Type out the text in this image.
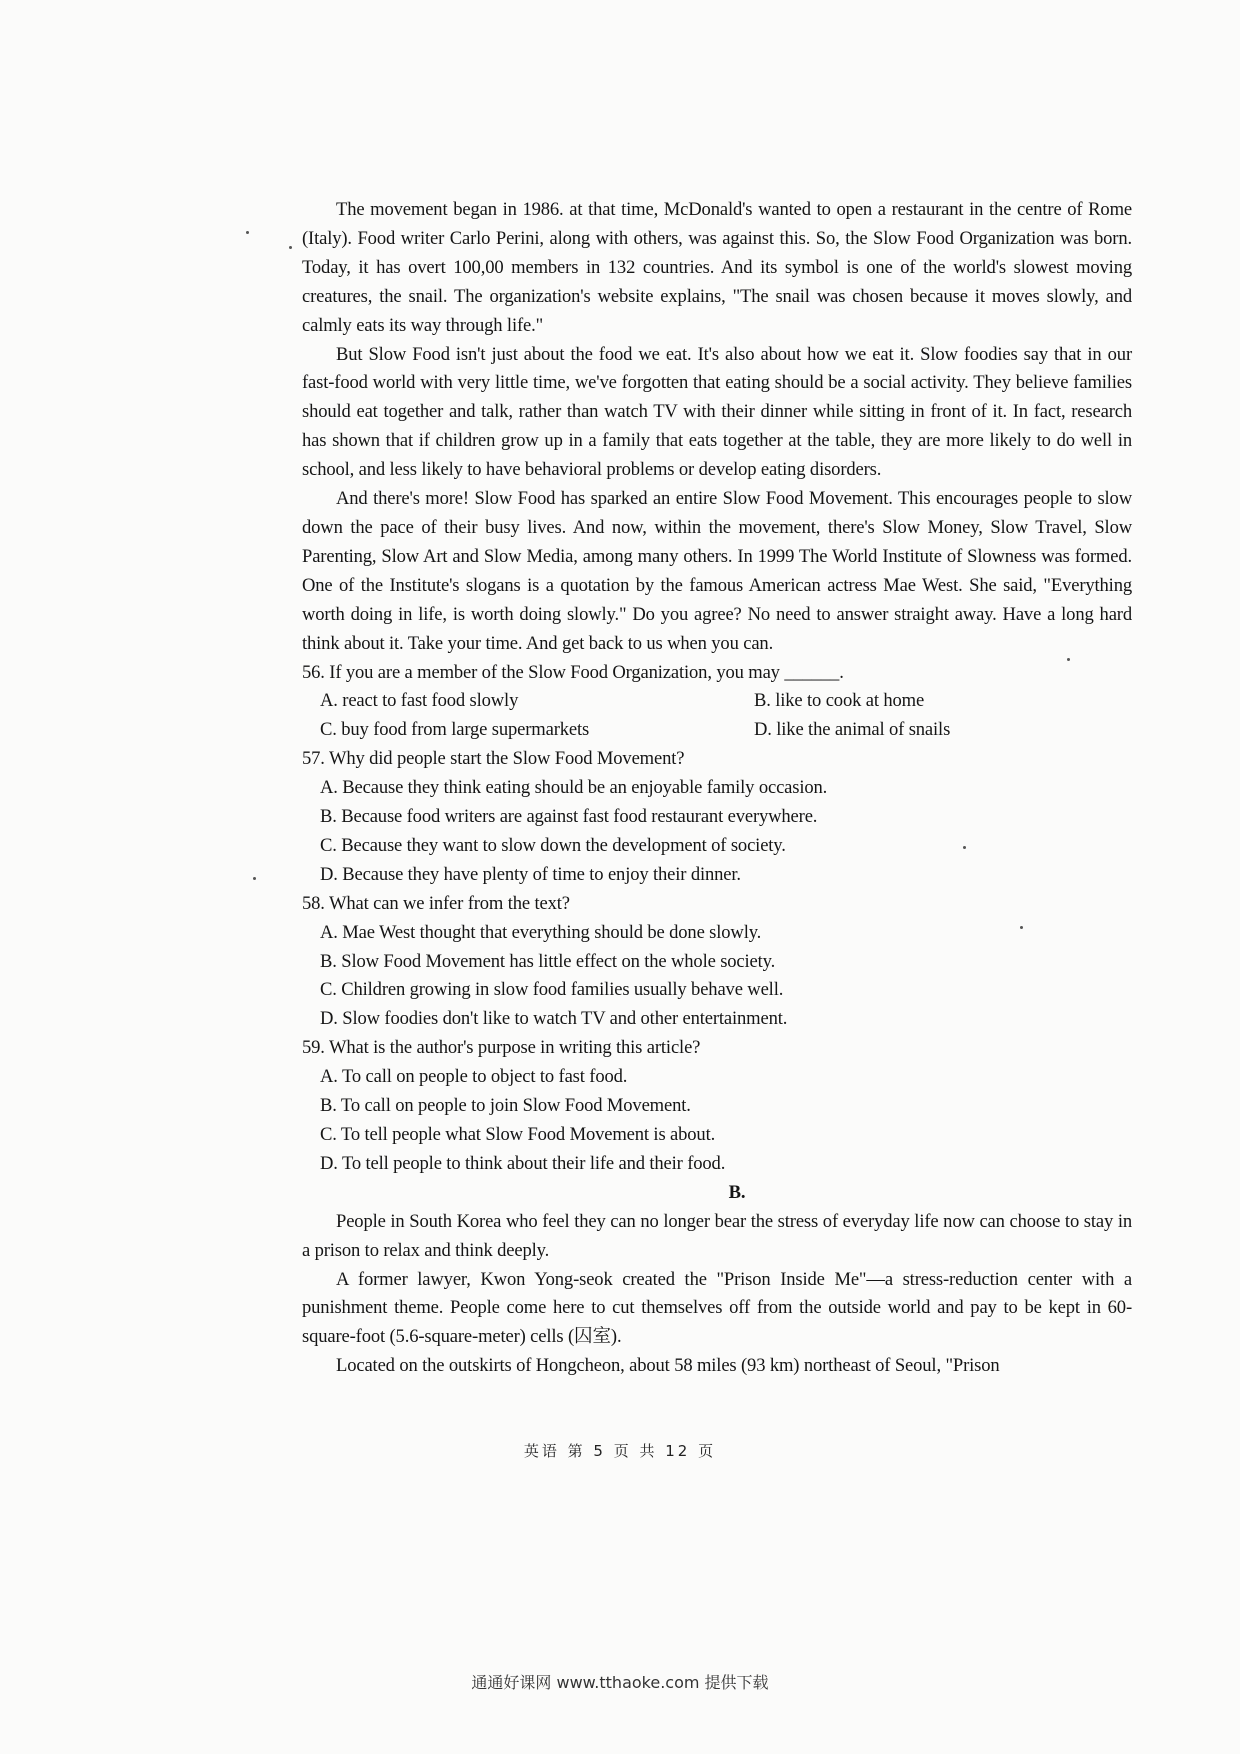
The movement began in 1986. at that time, McDonald's wanted to open a restaurant in the centre of Rome (Italy). Food writer Carlo Perini, along with others, was against this. So, the Slow Food Organization was born. Today, it has overt 100,00 members in 132 countries. And its symbol is one of the world's slowest moving creatures, the snail. The organization's website explains, "The snail was chosen because it moves slowly, and calmly eats its way through life."

But Slow Food isn't just about the food we eat. It's also about how we eat it. Slow foodies say that in our fast-food world with very little time, we've forgotten that eating should be a social activity. They believe families should eat together and talk, rather than watch TV with their dinner while sitting in front of it. In fact, research has shown that if children grow up in a family that eats together at the table, they are more likely to do well in school, and less likely to have behavioral problems or develop eating disorders.

And there's more! Slow Food has sparked an entire Slow Food Movement. This encourages people to slow down the pace of their busy lives. And now, within the movement, there's Slow Money, Slow Travel, Slow Parenting, Slow Art and Slow Media, among many others. In 1999 The World Institute of Slowness was formed. One of the Institute's slogans is a quotation by the famous American actress Mae West. She said, "Everything worth doing in life, is worth doing slowly." Do you agree? No need to answer straight away. Have a long hard think about it. Take your time. And get back to us when you can.

56. If you are a member of the Slow Food Organization, you may ______.

A. react to fast food slowly	B. like to cook at home
C. buy food from large supermarkets	D. like the animal of snails

57. Why did people start the Slow Food Movement?

A. Because they think eating should be an enjoyable family occasion.

B. Because food writers are against fast food restaurant everywhere.

C. Because they want to slow down the development of society.

D. Because they have plenty of time to enjoy their dinner.

58. What can we infer from the text?

A. Mae West thought that everything should be done slowly.

B. Slow Food Movement has little effect on the whole society.

C. Children growing in slow food families usually behave well.

D. Slow foodies don't like to watch TV and other entertainment.

59. What is the author's purpose in writing this article?

A. To call on people to object to fast food.

B. To call on people to join Slow Food Movement.

C. To tell people what Slow Food Movement is about.

D. To tell people to think about their life and their food.

B.

People in South Korea who feel they can no longer bear the stress of everyday life now can choose to stay in a prison to relax and think deeply.

A former lawyer, Kwon Yong-seok created the "Prison Inside Me"—a stress-reduction center with a punishment theme. People come here to cut themselves off from the outside world and pay to be kept in 60-square-foot (5.6-square-meter) cells (囚室).

Located on the outskirts of Hongcheon, about 58 miles (93 km) northeast of Seoul, "Prison

英语 第 5 页 共 12 页
通通好课网 www.tthaoke.com 提供下载
